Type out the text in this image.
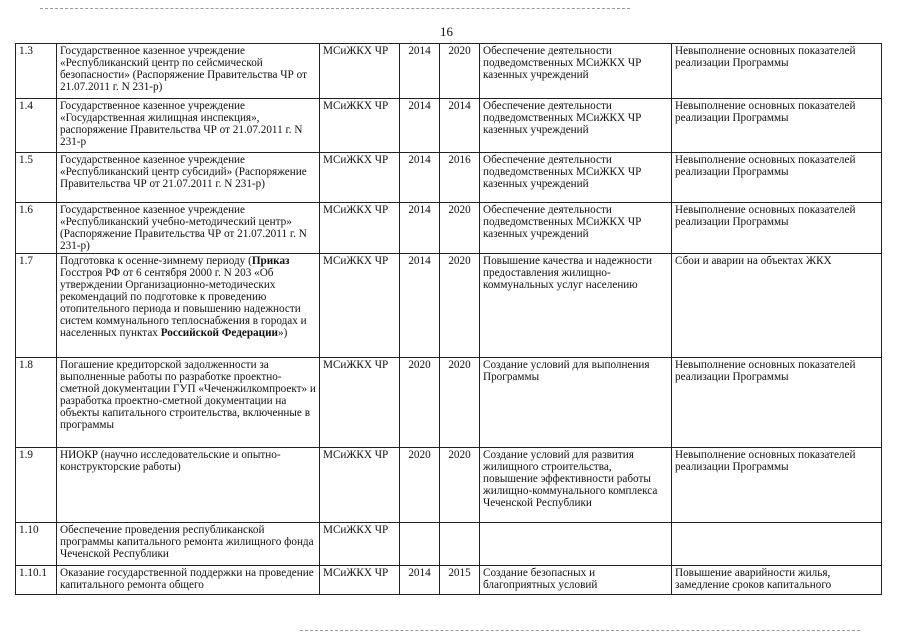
16
1.3	Государственное казенное учреждение «Республиканский центр по сейсмической безопасности» (Распоряжение Правительства ЧР от 21.07.2011 г. N 231-р)	МСиЖКХ ЧР	2014	2020	Обеспечение деятельности подведомственных МСиЖКХ ЧР казенных учреждений	Невыполнение основных показателей реализации Программы
1.4	Государственное казенное учреждение «Государственная жилищная инспекция», распоряжение Правительства ЧР от 21.07.2011 г. N 231-р	МСиЖКХ ЧР	2014	2014	Обеспечение деятельности подведомственных МСиЖКХ ЧР казенных учреждений	Невыполнение основных показателей реализации Программы
1.5	Государственное казенное учреждение «Республиканский центр субсидий» (Распоряжение Правительства ЧР от 21.07.2011 г. N 231-р)	МСиЖКХ ЧР	2014	2016	Обеспечение деятельности подведомственных МСиЖКХ ЧР казенных учреждений	Невыполнение основных показателей реализации Программы
1.6	Государственное казенное учреждение «Республиканский учебно-методический центр» (Распоряжение Правительства ЧР от 21.07.2011 г. N 231-р)	МСиЖКХ ЧР	2014	2020	Обеспечение деятельности подведомственных МСиЖКХ ЧР казенных учреждений	Невыполнение основных показателей реализации Программы
1.7	Подготовка к осенне-зимнему периоду (Приказ Госстроя РФ от 6 сентября 2000 г. N 203 «Об утверждении Организационно-методических рекомендаций по подготовке к проведению отопительного периода и повышению надежности систем коммунального теплоснабжения в городах и населенных пунктах Российской Федерации»)	МСиЖКХ ЧР	2014	2020	Повышение качества и надежности предоставления жилищно-коммунальных услуг населению	Сбои и аварии на объектах ЖКХ
1.8	Погашение кредиторской задолженности за выполненные работы по разработке проектно-сметной документации ГУП «Чеченжилкомпроект» и разработка проектно-сметной документации на объекты капитального строительства, включенные в программы	МСиЖКХ ЧР	2020	2020	Создание условий для выполнения Программы	Невыполнение основных показателей реализации Программы
1.9	НИОКР (научно исследовательские и опытно-конструкторские работы)	МСиЖКХ ЧР	2020	2020	Создание условий для развития жилищного строительства, повышение эффективности работы жилищно-коммунального комплекса Чеченской Республики	Невыполнение основных показателей реализации Программы
1.10	Обеспечение проведения республиканской программы капитального ремонта жилищного фонда Чеченской Республики	МСиЖКХ ЧР				
1.10.1	Оказание государственной поддержки на проведение капитального ремонта общего	МСиЖКХ ЧР	2014	2015	Создание безопасных и благоприятных условий	Повышение аварийности жилья, замедление сроков капитального
